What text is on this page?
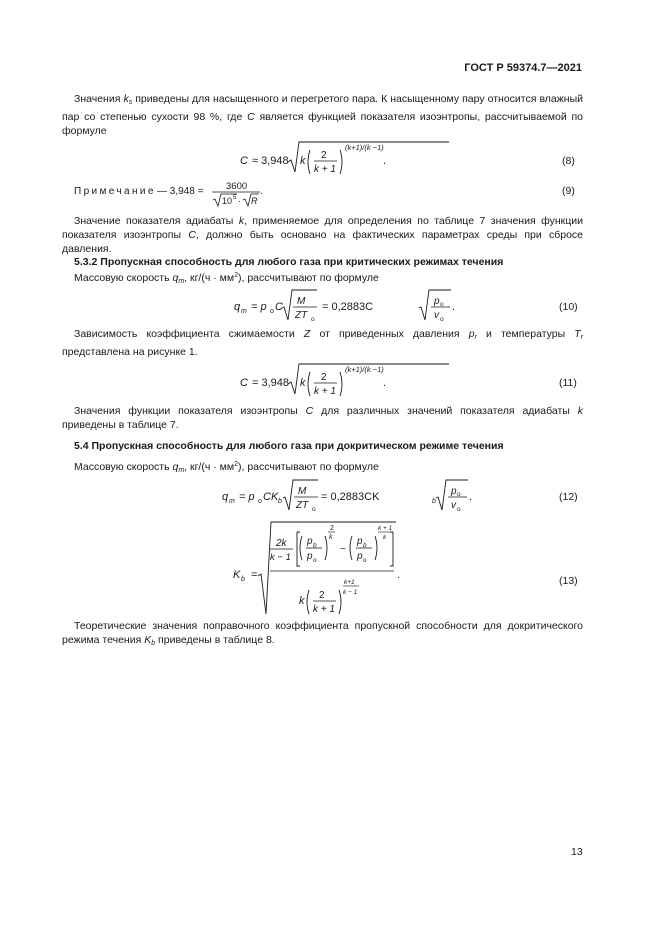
ГОСТ Р 59374.7—2021

Значения $k_s$ приведены для насыщенного и перегретого пара. К насыщенному пару относится влажный пар со степенью сухости 98 %, где С является функцией показателя изоэнтропы, рассчитываемой по формуле

C ≈ 3,948 k 2
k + 1
(k+1)/(k −1)
.	(8)
Примечание — 3,948 = 3600
10 5 · R
.	(9)

Значение показателя адиабаты k, применяемое для определения по таблице 7 значения функции показателя изоэнтропы C, должно быть основано на фактических параметрах среды при сбросе давления.

5.3.2 Пропускная способность для любого газа при критических режимах течения

Массовую скорость $q_m$, $кг/(ч \cdot мм^2)$, рассчитывают по формуле

q m = p o C M
ZT o
= 0,2883C	p o
v o
.	(10)

Зависимость коэффициента сжимаемости Z от приведенных давления $p_r$ и температуры $T_r$ представлена на рисунке 1.

C = 3,948 k 2
k + 1
(k+1)/(k −1)
.	(11)

Значения функции показателя изоэнтропы C для различных значений показателя адиабаты k приведены в таблице 7.

5.4 Пропускная способность для любого газа при докритическом режиме течения

Массовую скорость $q_m$, $кг/(ч \cdot мм^2)$, рассчитывают по формуле

q m = p o CK b
M
ZT o
= 0,2883CK	b
p o
v o
.	(12)
K b =
2k
k − 1
p b
p o
2
k
−
p b
p o
k + 1
k
k 2
k + 1
k+1
k − 1
.	(13)

Теоретические значения поправочного коэффициента пропускной способности для докритического режима течения $K_b$ приведены в таблице 8.

13
